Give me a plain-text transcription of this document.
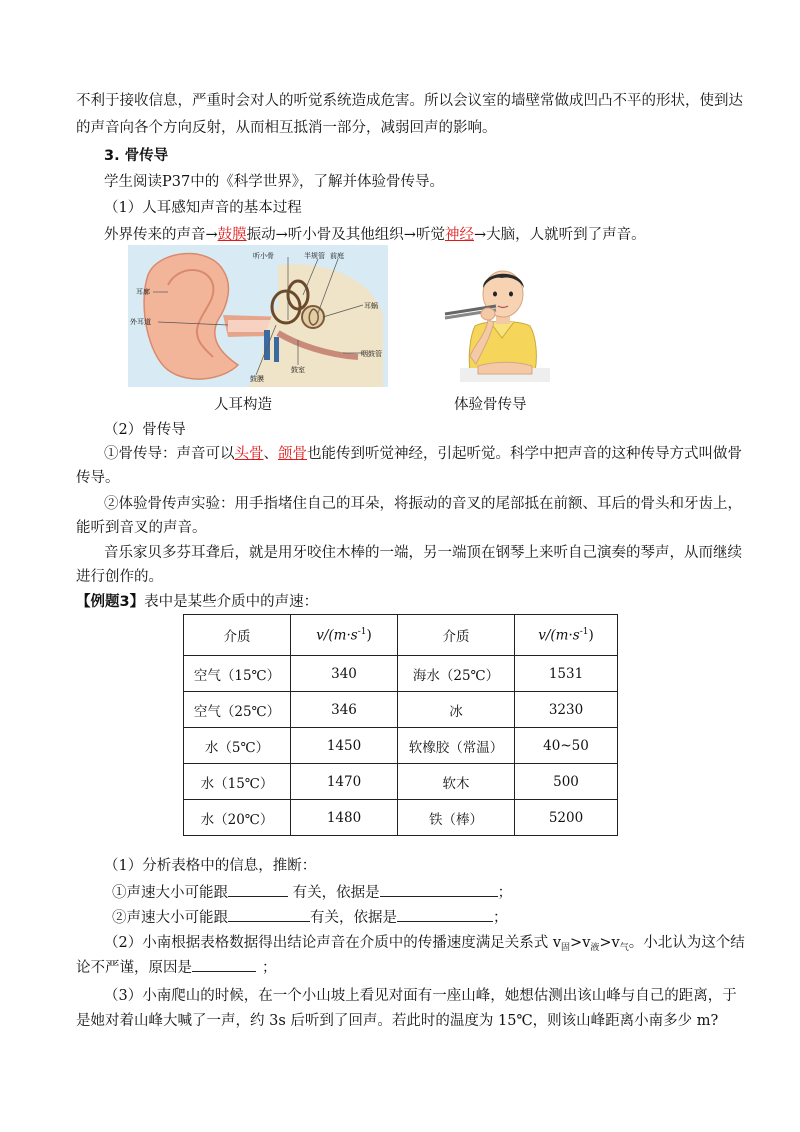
不利于接收信息，严重时会对人的听觉系统造成危害。所以会议室的墙壁常做成凹凸不平的形状，使到达
的声音向各个方向反射，从而相互抵消一部分，减弱回声的影响。
3. 骨传导
学生阅读P37中的《科学世界》，了解并体验骨传导。
（1）人耳感知声音的基本过程
外界传来的声音→鼓膜振动→听小骨及其他组织→听觉神经→大脑，人就听到了声音。
听小骨	半规管 前庭
耳廓
外耳道
耳蜗
咽鼓管
鼓膜
鼓室
人耳构造	体验骨传导
（2）骨传导
①骨传导：声音可以头骨、颌骨也能传到听觉神经，引起听觉。科学中把声音的这种传导方式叫做骨
传导。
②体验骨传声实验：用手指堵住自己的耳朵，将振动的音叉的尾部抵在前额、耳后的骨头和牙齿上，
能听到音叉的声音。
音乐家贝多芬耳聋后，就是用牙咬住木棒的一端，另一端顶在钢琴上来听自己演奏的琴声，从而继续
进行创作的。
【例题3】表中是某些介质中的声速：
介质	$v/(m\cdot s^{-1})$	介质	$v/(m\cdot s^{-1})$
空气（15℃）	340	海水（25℃）	1531
空气（25℃）	346	冰	3230
水（5℃）	1450	软橡胶（常温）	40~50
水（15℃）	1470	软木	500
水（20℃）	1480	铁（棒）	5200
（1）分析表格中的信息，推断：
①声速大小可能跟	有关，依据是	；
②声速大小可能跟	有关，依据是	；
（2）小南根据表格数据得出结论声音在介质中的传播速度满足关系式 $v_固>v_液>v_气$。小北认为这个结
论不严谨，原因是	；
（3）小南爬山的时候，在一个小山坡上看见对面有一座山峰，她想估测出该山峰与自己的距离，于
是她对着山峰大喊了一声，约 3s 后听到了回声。若此时的温度为 15℃，则该山峰距离小南多少 m?
